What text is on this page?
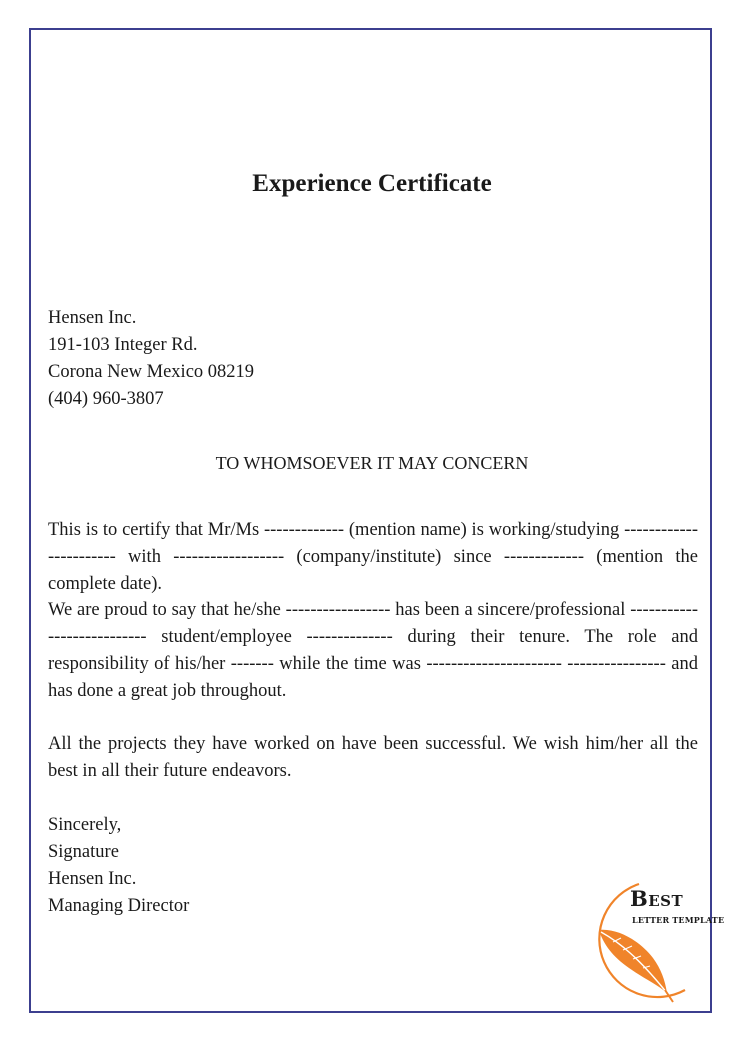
Experience Certificate
Hensen Inc.
191-103 Integer Rd.
Corona New Mexico 08219
(404) 960-3807
TO WHOMSOEVER IT MAY CONCERN

This is to certify that Mr/Ms ------------- (mention name) is working/studying ----------------------- with ------------------ (company/institute) since ------------- (mention the complete date).

We are proud to say that he/she ----------------- has been a sincere/professional --------------------------- student/employee -------------- during their tenure. The role and responsibility of his/her ------- while the time was ---------------------- ---------------- and has done a great job throughout.

All the projects they have worked on have been successful. We wish him/her all the best in all their future endeavors.

Sincerely,
Signature
Hensen Inc.
Managing Director	BEST
LETTER TEMPLATE
